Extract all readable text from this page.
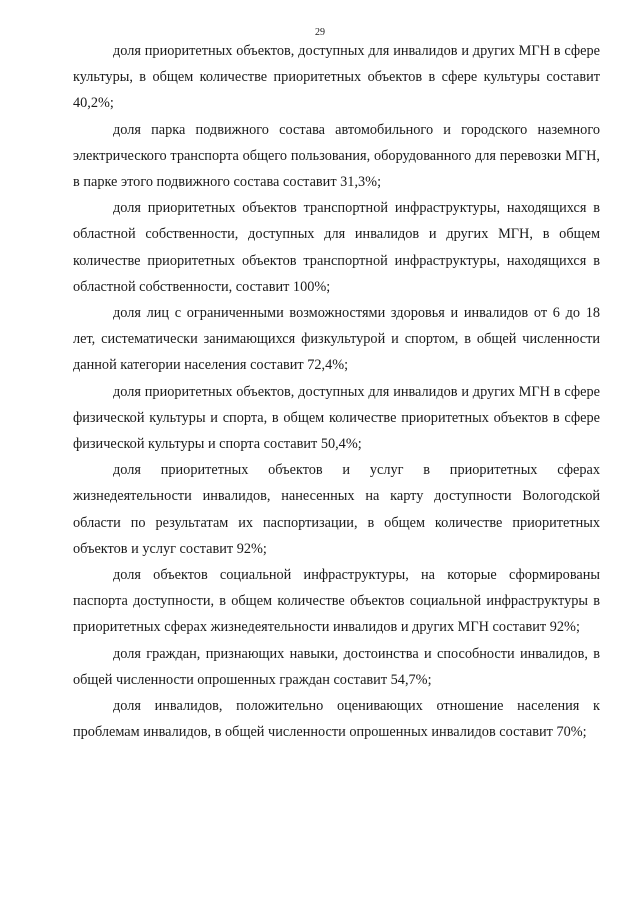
29

доля приоритетных объектов, доступных для инвалидов и других МГН в сфере культуры, в общем количестве приоритетных объектов в сфере культуры составит 40,2%;

доля парка подвижного состава автомобильного и городского наземного электрического транспорта общего пользования, оборудованного для перевозки МГН, в парке этого подвижного состава составит 31,3%;

доля приоритетных объектов транспортной инфраструктуры, находящихся в областной собственности, доступных для инвалидов и других МГН, в общем количестве приоритетных объектов транспортной инфраструктуры, находящихся в областной собственности, составит 100%;

доля лиц с ограниченными возможностями здоровья и инвалидов от 6 до 18 лет, систематически занимающихся физкультурой и спортом, в общей численности данной категории населения составит 72,4%;

доля приоритетных объектов, доступных для инвалидов и других МГН в сфере физической культуры и спорта, в общем количестве приоритетных объектов в сфере физической культуры и спорта составит 50,4%;

доля приоритетных объектов и услуг в приоритетных сферах жизнедеятельности инвалидов, нанесенных на карту доступности Вологодской области по результатам их паспортизации, в общем количестве приоритетных объектов и услуг составит 92%;

доля объектов социальной инфраструктуры, на которые сформированы паспорта доступности, в общем количестве объектов социальной инфраструктуры в приоритетных сферах жизнедеятельности инвалидов и других МГН составит 92%;

доля граждан, признающих навыки, достоинства и способности инвалидов, в общей численности опрошенных граждан составит 54,7%;

доля инвалидов, положительно оценивающих отношение населения к проблемам инвалидов, в общей численности опрошенных инвалидов составит 70%;
